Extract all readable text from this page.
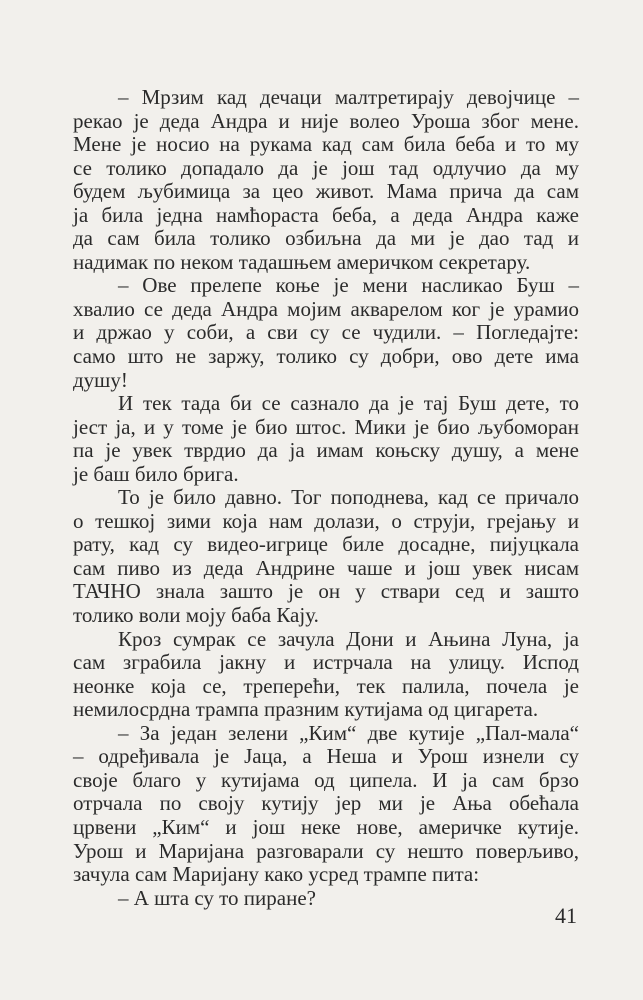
– Мрзим кад дечаци малтретирају девојчице –
рекао је деда Андра и није волео Уроша због мене.
Мене је носио на рукама кад сам била беба и то му
се толико допадало да је још тад одлучио да му
будем љубимица за цео живот. Мама прича да сам
ја била једна намћораста беба, а деда Андра каже
да сам била толико озбиљна да ми је дао тад и
надимак по неком тадашњем америчком секретару.
– Ове прелепе коње је мени насликао Буш –
хвалио се деда Андра мојим акварелом ког је урамио
и држао у соби, а сви су се чудили. – Погледајте:
само што не заржу, толико су добри, ово дете има
душу!
И тек тада би се сазнало да је тај Буш дете, то
јест ја, и у томе је био штос. Мики је био љубоморан
па је увек тврдио да ја имам коњску душу, а мене
је баш било брига.
То је било давно. Тог поподнева, кад се причало
о тешкој зими која нам долази, о струји, грејању и
рату, кад су видео-игрице биле досадне, пијуцкала
сам пиво из деда Андрине чаше и још увек нисам
ТАЧНО знала зашто је он у ствари сед и зашто
толико воли моју баба Кају.
Кроз сумрак се зачула Дони и Ањина Луна, ја
сам зграбила јакну и истрчала на улицу. Испод
неонке која се, треперећи, тек палила, почела је
немилосрдна трампа празним кутијама од цигарета.
– За један зелени „Ким“ две кутије „Пал-мала“
– одређивала је Јаца, а Неша и Урош изнели су
своје благо у кутијама од ципела. И ја сам брзо
отрчала по своју кутију јер ми је Ања обећала
црвени „Ким“ и још неке нове, америчке кутије.
Урош и Маријана разговарали су нешто поверљиво,
зачула сам Маријану како усред трампе пита:
– А шта су то пиране?
41
